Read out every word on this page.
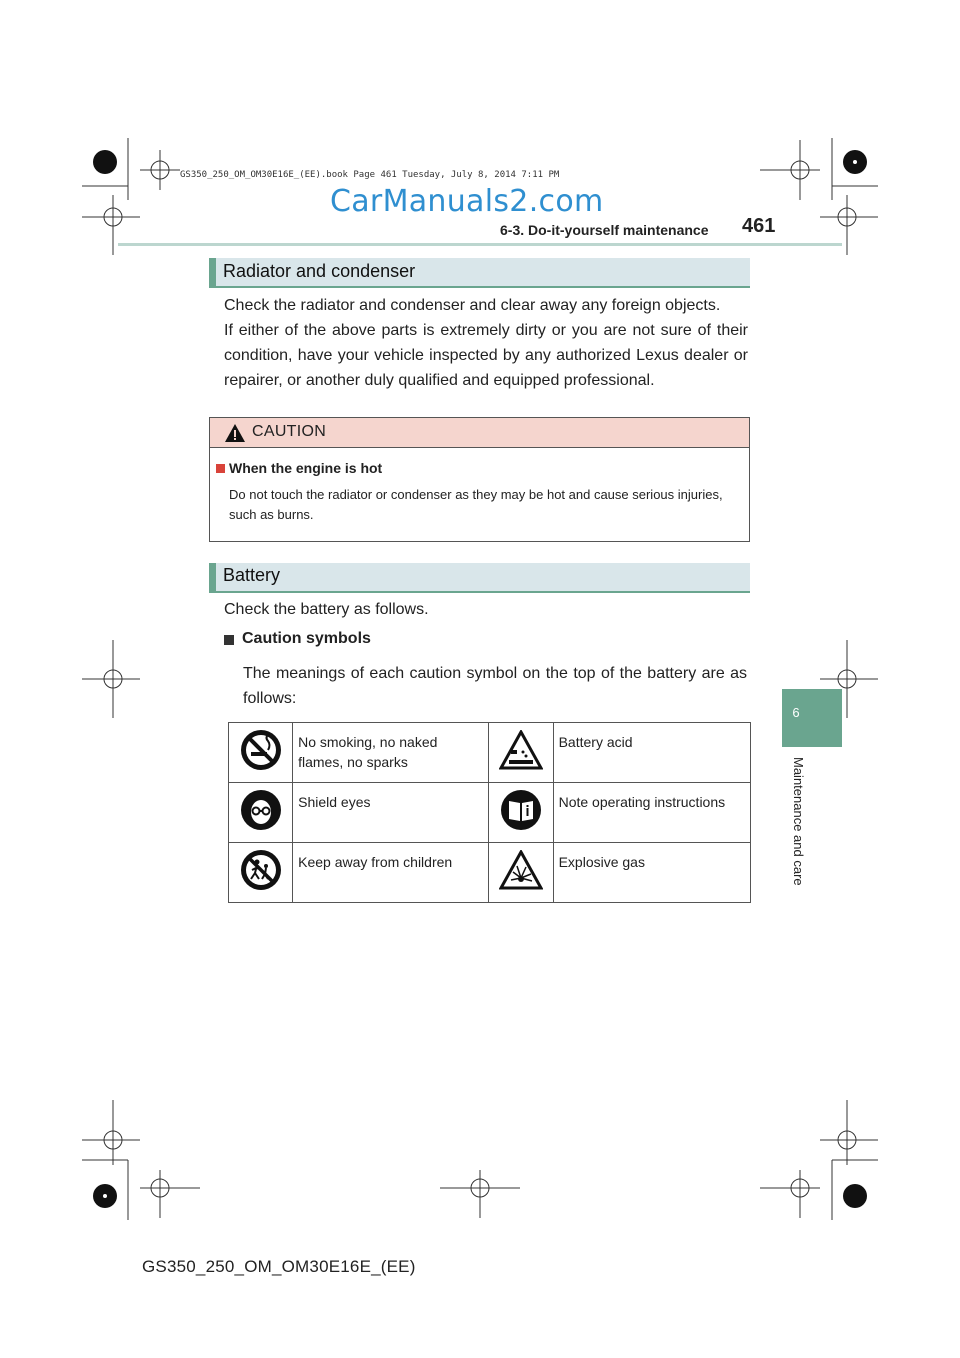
GS350_250_OM_OM30E16E_(EE).book Page 461 Tuesday, July 8, 2014 7:11 PM
CarManuals2.com
6-3. Do-it-yourself maintenance 461
Radiator and condenser
Check the radiator and condenser and clear away any foreign objects.
If either of the above parts is extremely dirty or you are not sure of their condition, have your vehicle inspected by any authorized Lexus dealer or repairer, or another duly qualified and equipped professional.
CAUTION
When the engine is hot
Do not touch the radiator or condenser as they may be hot and cause serious injuries, such as burns.
Battery
Check the battery as follows.
Caution symbols
The meanings of each caution symbol on the top of the battery are as follows:
	No smoking, no naked flames, no sparks		Battery acid
	Shield eyes		Note operating instructions
	Keep away from children		Explosive gas
6
Maintenance and care
GS350_250_OM_OM30E16E_(EE)
